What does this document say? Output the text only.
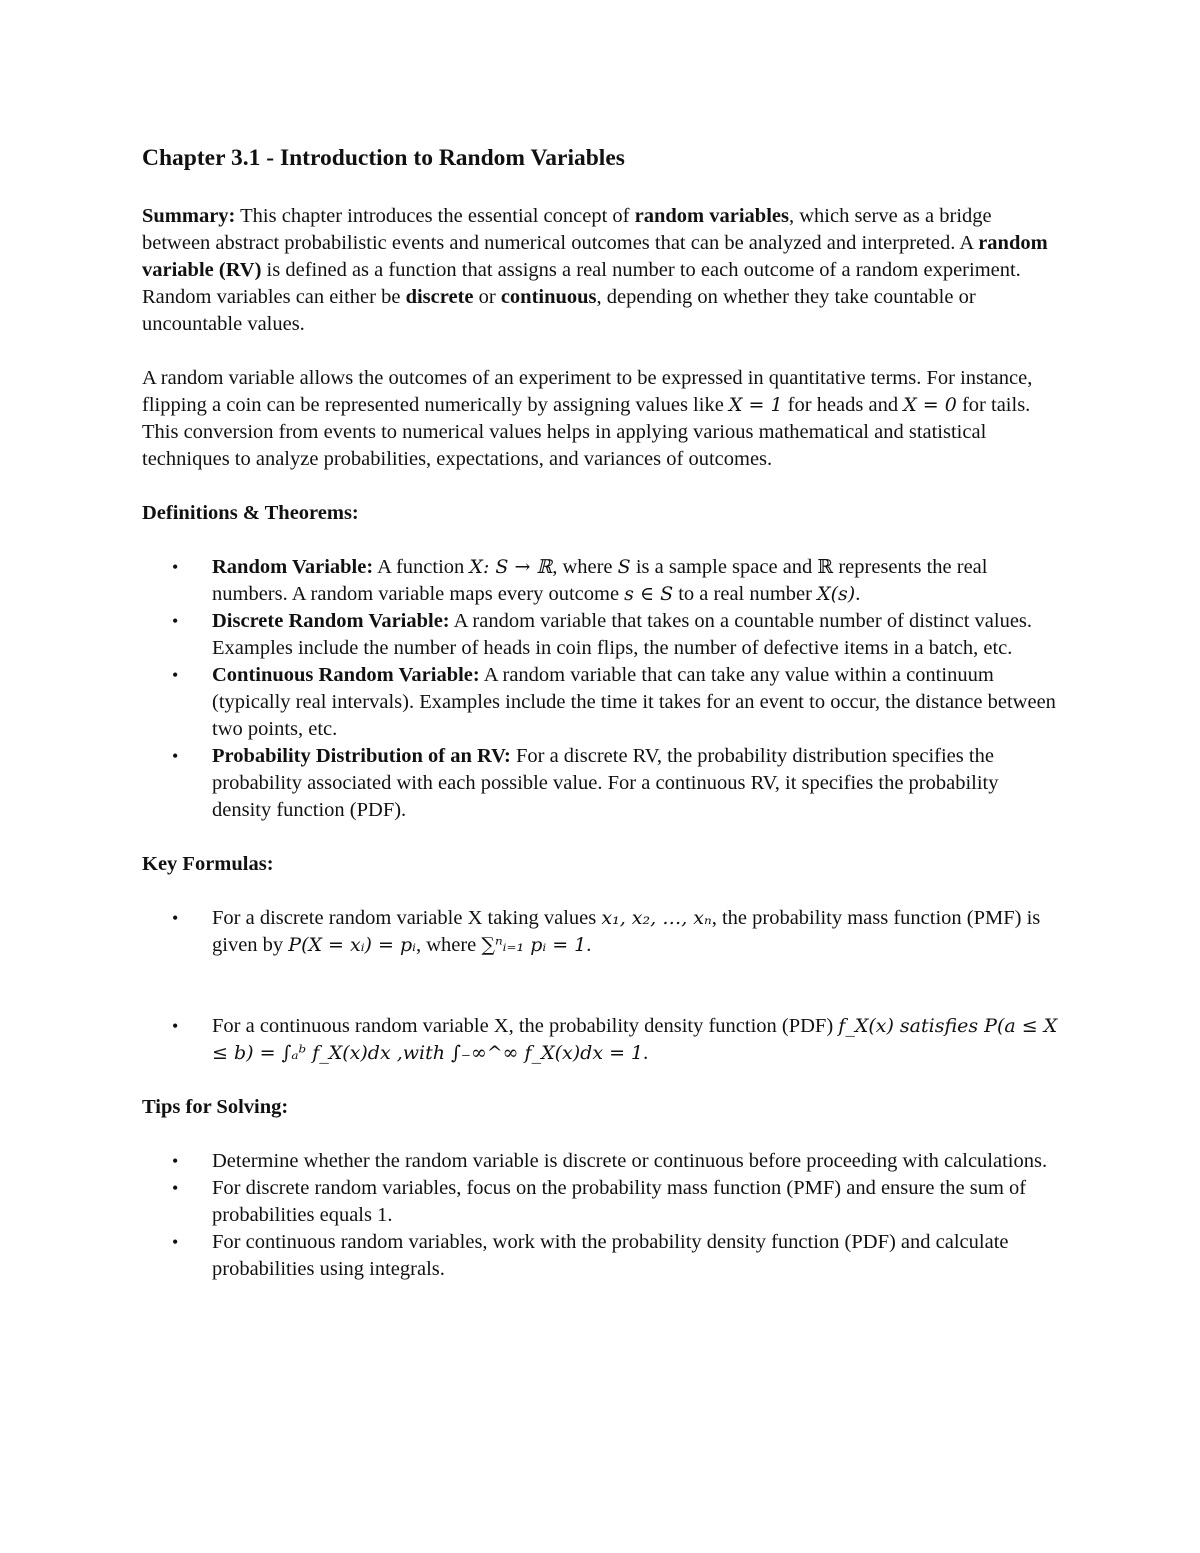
Chapter 3.1 - Introduction to Random Variables

Summary: This chapter introduces the essential concept of random variables, which serve as a bridge between abstract probabilistic events and numerical outcomes that can be analyzed and interpreted. A random variable (RV) is defined as a function that assigns a real number to each outcome of a random experiment. Random variables can either be discrete or continuous, depending on whether they take countable or uncountable values.

A random variable allows the outcomes of an experiment to be expressed in quantitative terms. For instance, flipping a coin can be represented numerically by assigning values like X = 1 for heads and X = 0 for tails. This conversion from events to numerical values helps in applying various mathematical and statistical techniques to analyze probabilities, expectations, and variances of outcomes.

Definitions & Theorems:

• Random Variable: A function X: S → ℝ, where S is a sample space and ℝ represents the real numbers. A random variable maps every outcome s ∈ S to a real number X(s).
• Discrete Random Variable: A random variable that takes on a countable number of distinct values. Examples include the number of heads in coin flips, the number of defective items in a batch, etc.
• Continuous Random Variable: A random variable that can take any value within a continuum (typically real intervals). Examples include the time it takes for an event to occur, the distance between two points, etc.
• Probability Distribution of an RV: For a discrete RV, the probability distribution specifies the probability associated with each possible value. For a continuous RV, it specifies the probability density function (PDF).

Key Formulas:

• For a discrete random variable X taking values x₁, x₂, …, xₙ, the probability mass function (PMF) is given by P(X = xᵢ) = pᵢ, where ∑ⁿᵢ₌₁ pᵢ = 1.
• For a continuous random variable X, the probability density function (PDF) f_X(x) satisfies P(a ≤ X ≤ b) = ∫ₐᵇ f_X(x)dx ,with ∫₋∞^∞ f_X(x)dx = 1.

Tips for Solving:

• Determine whether the random variable is discrete or continuous before proceeding with calculations.
• For discrete random variables, focus on the probability mass function (PMF) and ensure the sum of probabilities equals 1.
• For continuous random variables, work with the probability density function (PDF) and calculate probabilities using integrals.
